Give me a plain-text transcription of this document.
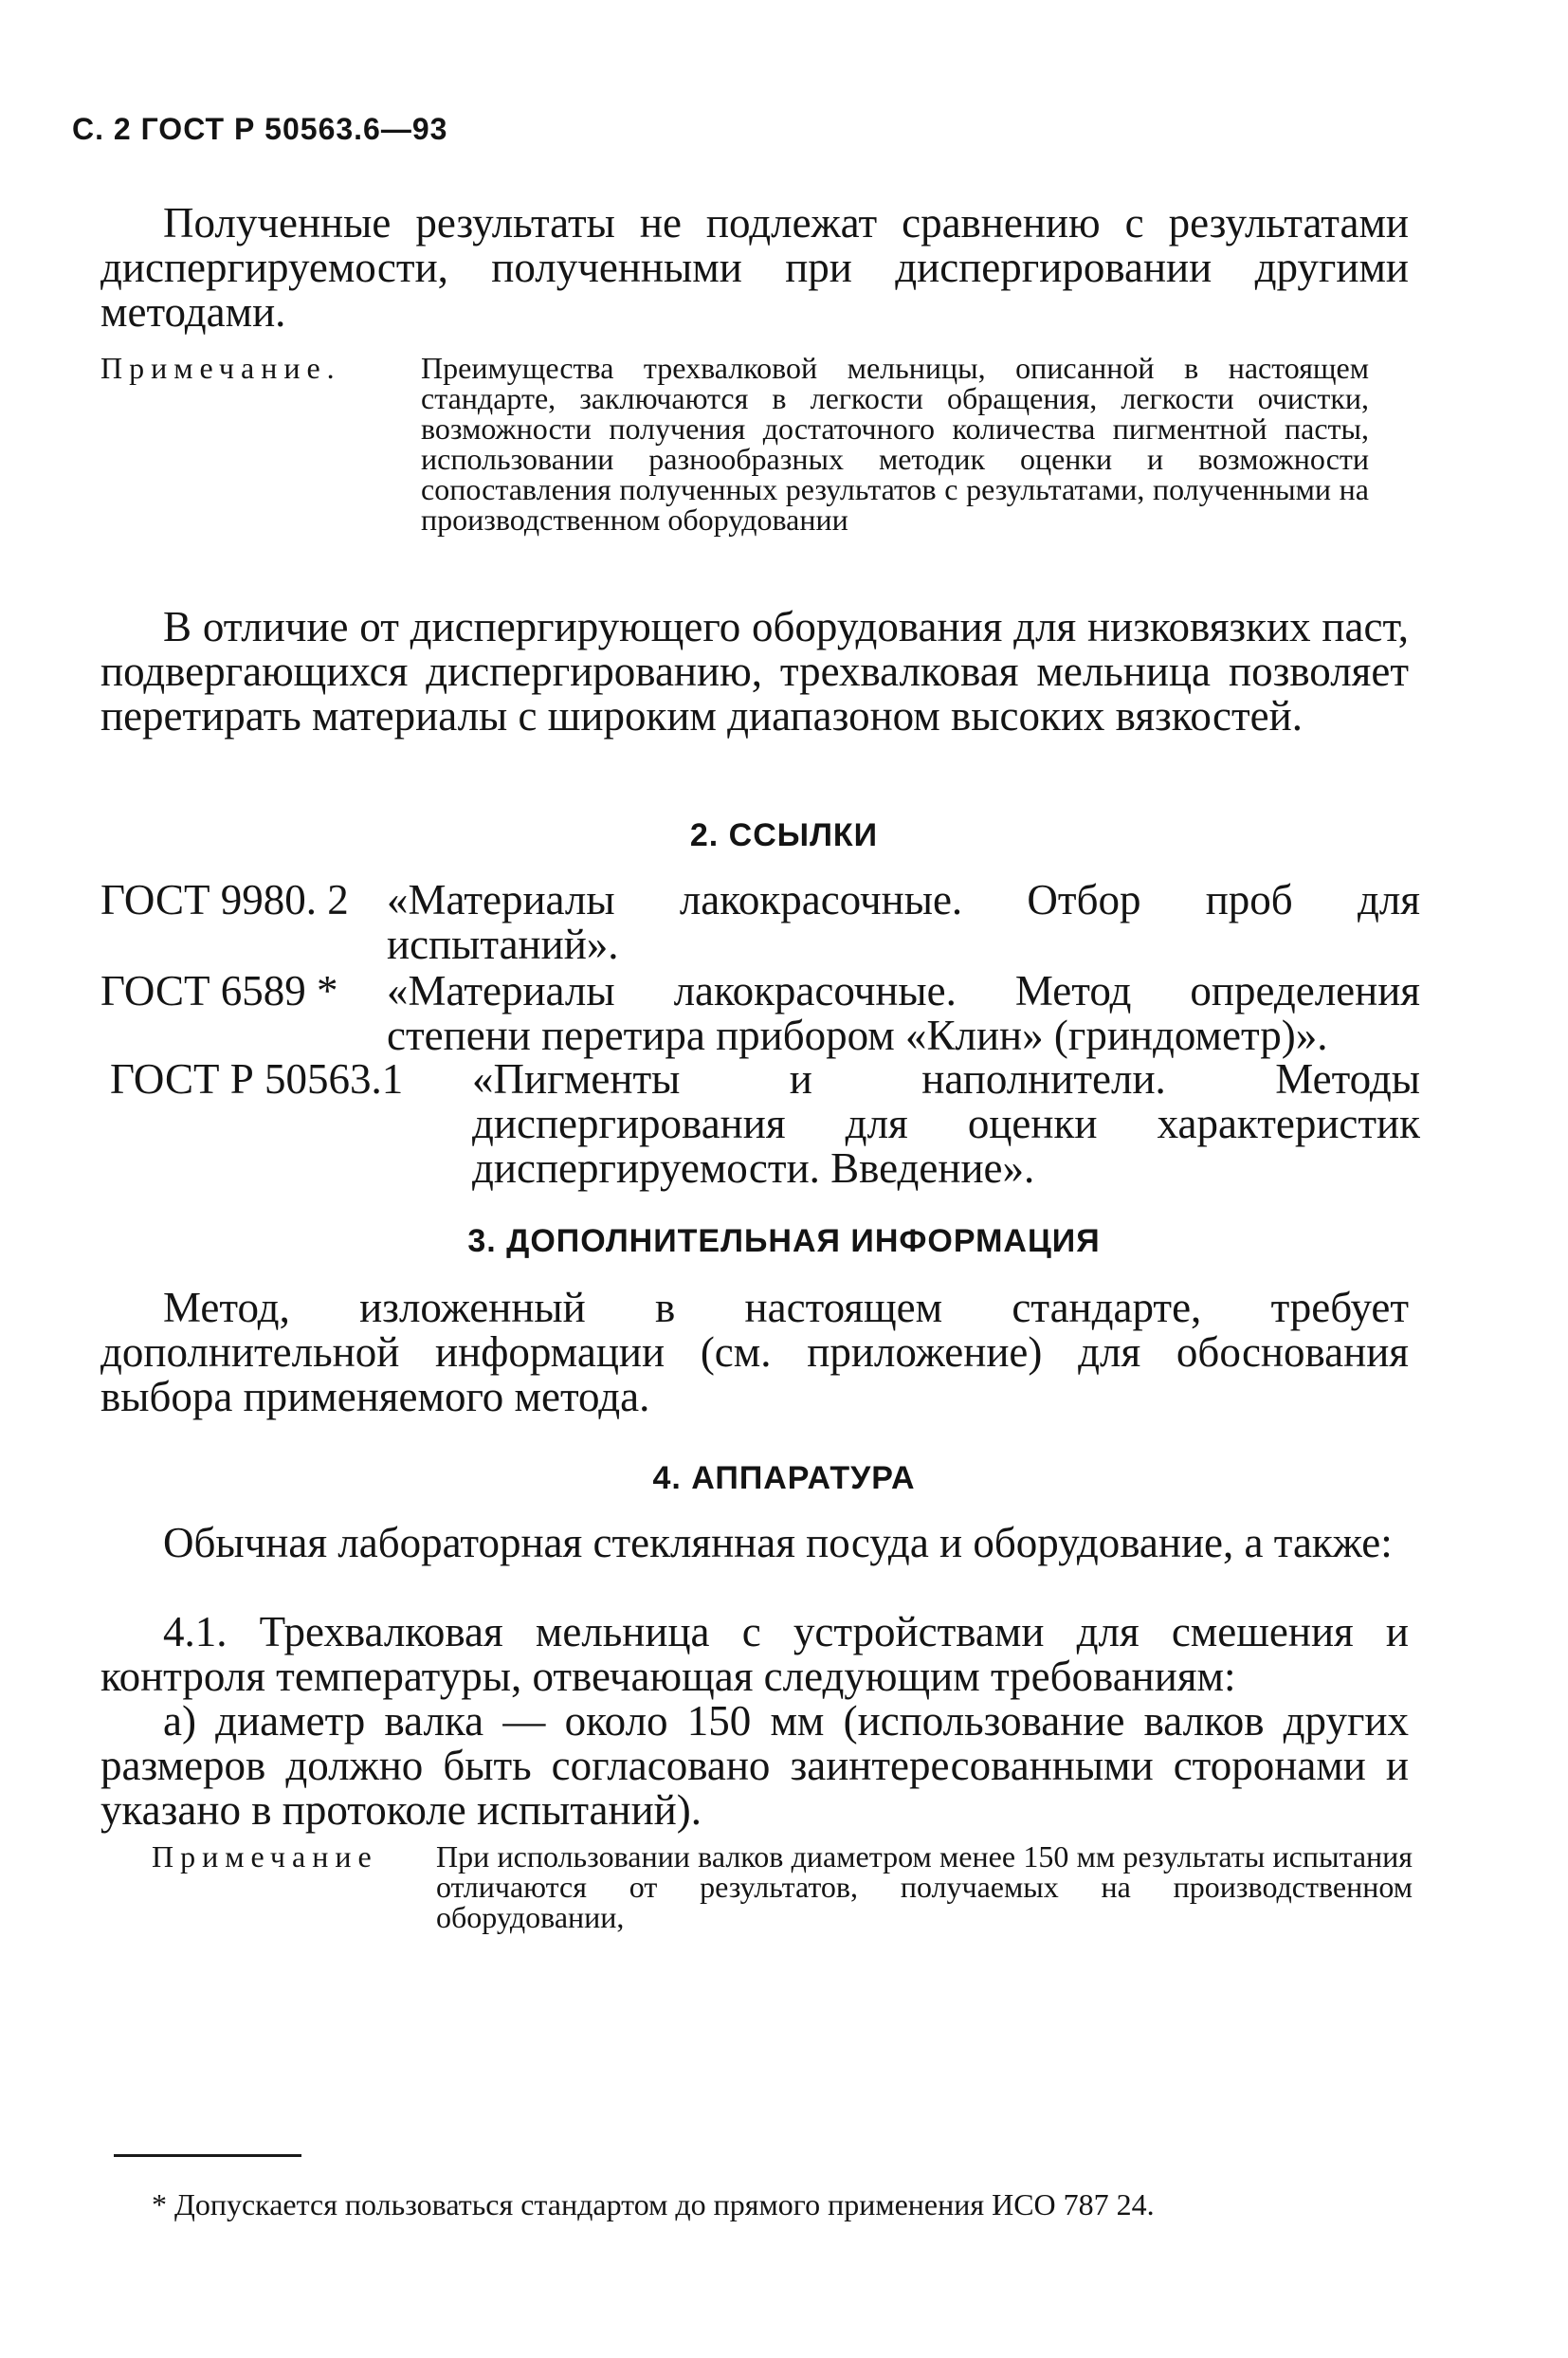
С. 2 ГОСТ Р 50563.6—93
Полученные результаты не подлежат сравнению с результатами диспергируемости, полученными при диспергировании другими методами.
Примечание.	Преимущества трехвалковой мельницы, описанной в настоящем стандарте, заключаются в легкости обращения, легкости очистки, возможности получения достаточного количества пигментной пасты, использовании разнообразных методик оценки и возможности сопоставления полученных результатов с результатами, полученными на производственном оборудовании
В отличие от диспергирующего оборудования для низковязких паст, подвергающихся диспергированию, трехвалковая мельница позволяет перетирать материалы с широким диапазоном высоких вязкостей.
2. ССЫЛКИ
ГОСТ 9980. 2 «Материалы лакокрасочные. Отбор проб для испытаний».
ГОСТ 6589 * «Материалы лакокрасочные. Метод определения степени перетира прибором «Клин» (гриндометр)».
ГОСТ Р 50563.1 «Пигменты и наполнители. Методы диспергирования для оценки характеристик диспергируемости. Введение».
3. ДОПОЛНИТЕЛЬНАЯ ИНФОРМАЦИЯ
Метод, изложенный в настоящем стандарте, требует дополнительной информации (см. приложение) для обоснования выбора применяемого метода.
4. АППАРАТУРА
Обычная лабораторная стеклянная посуда и оборудование, а также:
4.1. Трехвалковая мельница с устройствами для смешения и контроля температуры, отвечающая следующим требованиям:
а) диаметр валка — около 150 мм (использование валков других размеров должно быть согласовано заинтересованными сторонами и указано в протоколе испытаний).
Примечание При использовании валков диаметром менее 150 мм результаты испытания отличаются от результатов, получаемых на производственном оборудовании,
* Допускается пользоваться стандартом до прямого применения ИСО 787 24.
